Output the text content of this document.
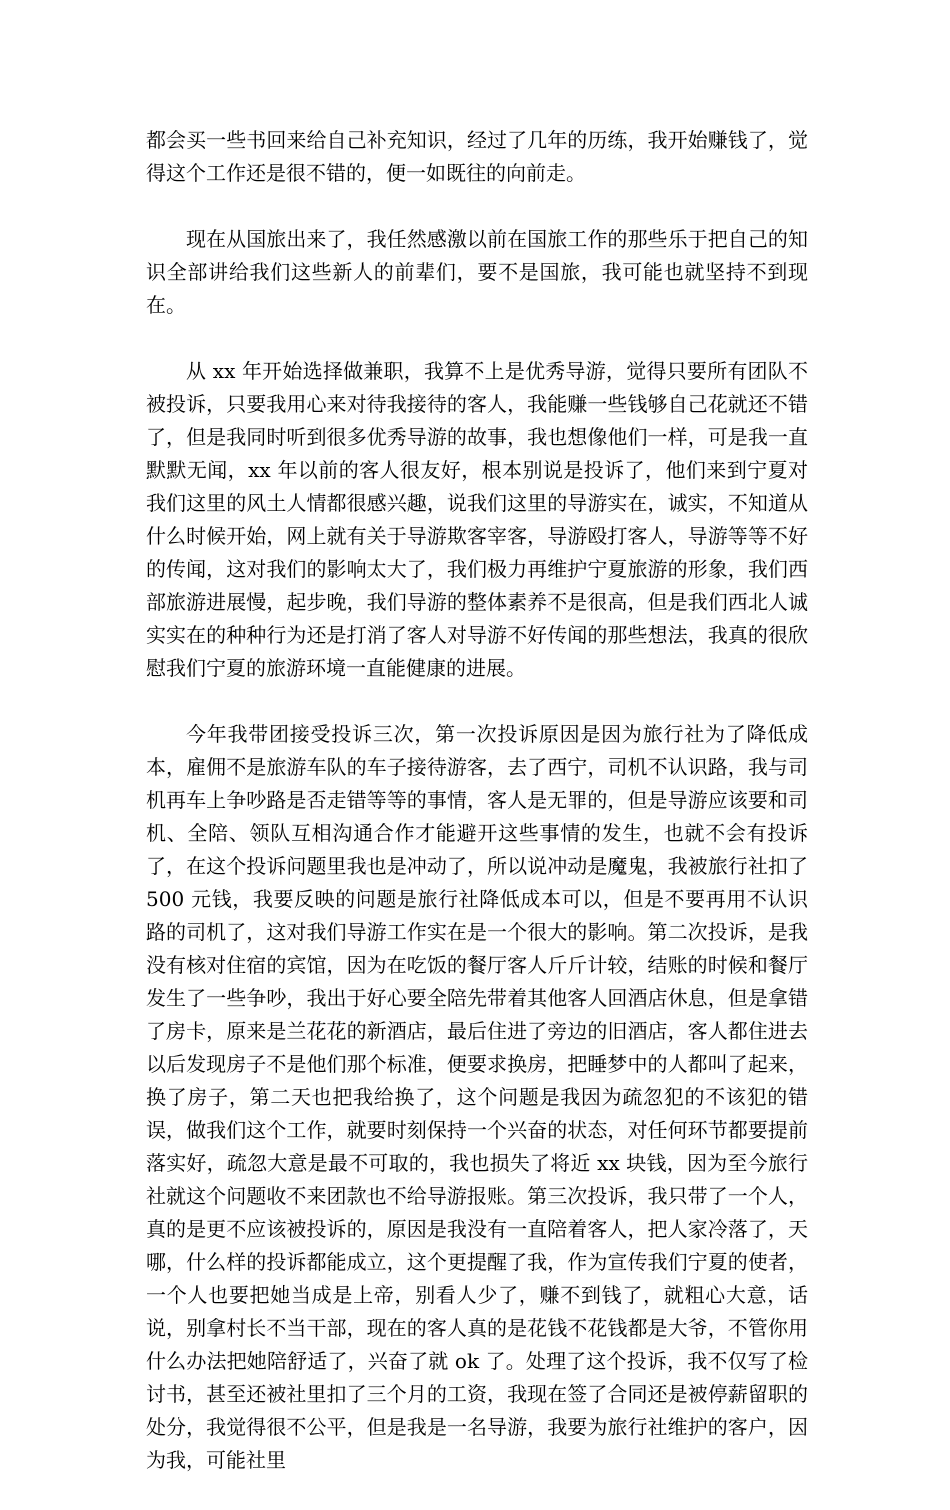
都会买一些书回来给自己补充知识，经过了几年的历练，我开始赚钱了，觉得这个工作还是很不错的，便一如既往的向前走。

现在从国旅出来了，我任然感激以前在国旅工作的那些乐于把自己的知识全部讲给我们这些新人的前辈们，要不是国旅，我可能也就坚持不到现在。

从 xx 年开始选择做兼职，我算不上是优秀导游，觉得只要所有团队不被投诉，只要我用心来对待我接待的客人，我能赚一些钱够自己花就还不错了，但是我同时听到很多优秀导游的故事，我也想像他们一样，可是我一直默默无闻，xx 年以前的客人很友好，根本别说是投诉了，他们来到宁夏对我们这里的风土人情都很感兴趣，说我们这里的导游实在，诚实，不知道从什么时候开始，网上就有关于导游欺客宰客，导游殴打客人，导游等等不好的传闻，这对我们的影响太大了，我们极力再维护宁夏旅游的形象，我们西部旅游进展慢，起步晚，我们导游的整体素养不是很高，但是我们西北人诚实实在的种种行为还是打消了客人对导游不好传闻的那些想法，我真的很欣慰我们宁夏的旅游环境一直能健康的进展。

今年我带团接受投诉三次，第一次投诉原因是因为旅行社为了降低成本，雇佣不是旅游车队的车子接待游客，去了西宁，司机不认识路，我与司机再车上争吵路是否走错等等的事情，客人是无罪的，但是导游应该要和司机、全陪、领队互相沟通合作才能避开这些事情的发生，也就不会有投诉了，在这个投诉问题里我也是冲动了，所以说冲动是魔鬼，我被旅行社扣了 500 元钱，我要反映的问题是旅行社降低成本可以，但是不要再用不认识路的司机了，这对我们导游工作实在是一个很大的影响。第二次投诉，是我没有核对住宿的宾馆，因为在吃饭的餐厅客人斤斤计较，结账的时候和餐厅发生了一些争吵，我出于好心要全陪先带着其他客人回酒店休息，但是拿错了房卡，原来是兰花花的新酒店，最后住进了旁边的旧酒店，客人都住进去以后发现房子不是他们那个标准，便要求换房，把睡梦中的人都叫了起来，换了房子，第二天也把我给换了，这个问题是我因为疏忽犯的不该犯的错误，做我们这个工作，就要时刻保持一个兴奋的状态，对任何环节都要提前落实好，疏忽大意是最不可取的，我也损失了将近 xx 块钱，因为至今旅行社就这个问题收不来团款也不给导游报账。第三次投诉，我只带了一个人，真的是更不应该被投诉的，原因是我没有一直陪着客人，把人家冷落了，天哪，什么样的投诉都能成立，这个更提醒了我，作为宣传我们宁夏的使者，一个人也要把她当成是上帝，别看人少了，赚不到钱了，就粗心大意，话说，别拿村长不当干部，现在的客人真的是花钱不花钱都是大爷，不管你用什么办法把她陪舒适了，兴奋了就 ok 了。处理了这个投诉，我不仅写了检讨书，甚至还被社里扣了三个月的工资，我现在签了合同还是被停薪留职的处分，我觉得很不公平，但是我是一名导游，我要为旅行社维护的客户，因为我，可能社里
